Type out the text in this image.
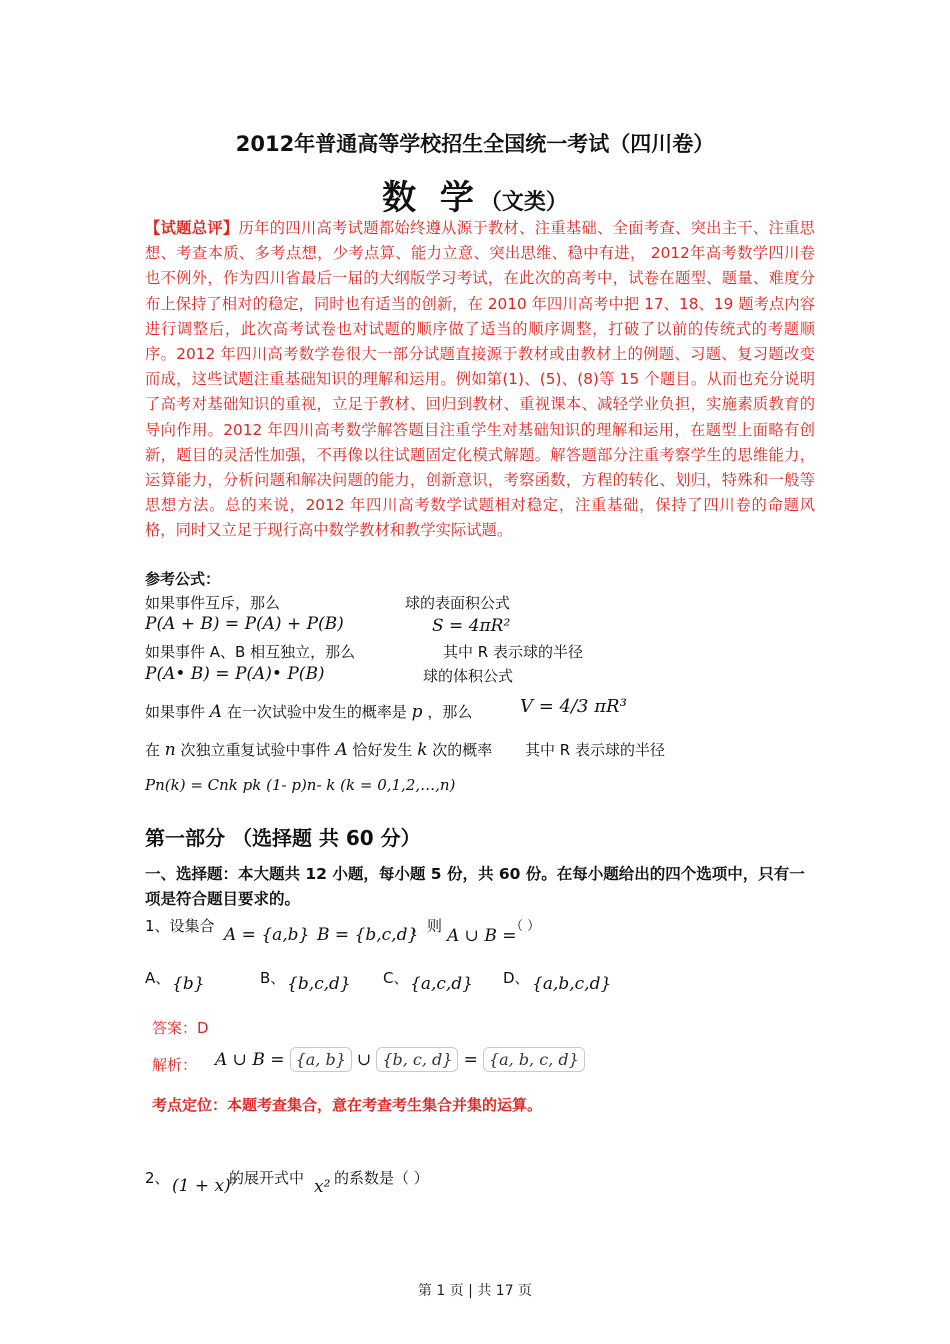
2012年普通高等学校招生全国统一考试（四川卷）
数 学（文类）
【试题总评】历年的四川高考试题都始终遵从源于教材、注重基础、全面考查、突出主干、注重思想、考查本质、多考点想，少考点算、能力立意、突出思维、稳中有进， 2012年高考数学四川卷也不例外，作为四川省最后一届的大纲版学习考试，在此次的高考中，试卷在题型、题量、难度分布上保持了相对的稳定，同时也有适当的创新，在 2010 年四川高考中把 17、18、19 题考点内容进行调整后，此次高考试卷也对试题的顺序做了适当的顺序调整，打破了以前的传统式的考题顺序。2012 年四川高考数学卷很大一部分试题直接源于教材或由教材上的例题、习题、复习题改变而成，这些试题注重基础知识的理解和运用。例如第(1)、(5)、(8)等 15 个题目。从而也充分说明了高考对基础知识的重视，立足于教材、回归到教材、重视课本、减轻学业负担，实施素质教育的导向作用。2012 年四川高考数学解答题目注重学生对基础知识的理解和运用，在题型上面略有创新，题目的灵活性加强，不再像以往试题固定化模式解题。解答题部分注重考察学生的思维能力，运算能力，分析问题和解决问题的能力，创新意识，考察函数，方程的转化、划归，特殊和一般等思想方法。总的来说，2012 年四川高考数学试题相对稳定，注重基础，保持了四川卷的命题风格，同时又立足于现行高中数学教材和教学实际试题。
参考公式：
如果事件互斥，那么
P(A + B) = P(A) + P(B)
如果事件 A、B 相互独立，那么
P(A• B) = P(A)• P(B)
球的表面积公式
S = 4πR²
其中 R 表示球的半径
球的体积公式
如果事件 A 在一次试验中发生的概率是 p ，那么	V = 4/3 πR³
在 n 次独立重复试验中事件 A 恰好发生 k 次的概率 其中 R 表示球的半径
Pn(k) = Cnk pk (1- p)n- k (k = 0,1,2,…,n)
第一部分 （选择题 共 60 分）
一、选择题：本大题共 12 小题，每小题 5 份，共 60 份。在每小题给出的四个选项中，只有一项是符合题目要求的。
1、设集合 A = {a,b} B = {b,c,d}
，则 A ∪ B =
（ ）
A、 {b}	B、 {b,c,d} C、 {a,c,d} D、 {a,b,c,d}
答案：D
解析： A ∪ B = {a, b} ∪ {b, c, d} = {a, b, c, d}
考点定位：本题考查集合，意在考查考生集合并集的运算。
2、 (1 + x)⁷
的展开式中 x² 的系数是（ ）
第 1 页 | 共 17 页
